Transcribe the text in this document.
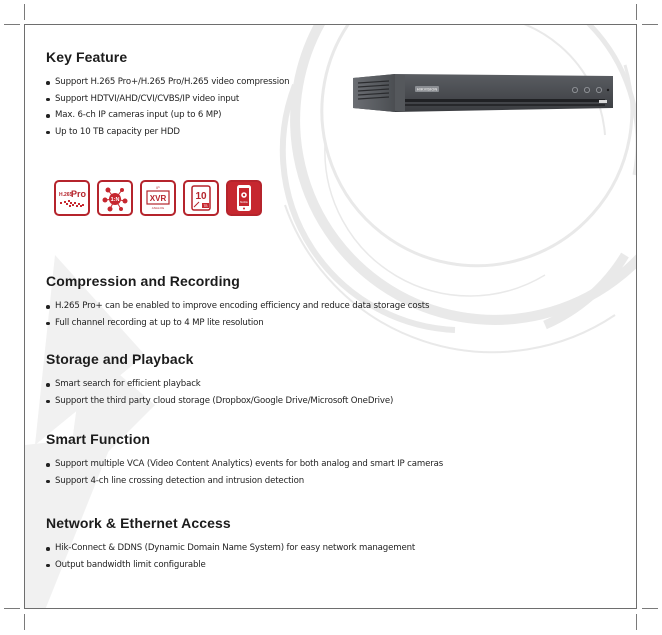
Key Feature
Support H.265 Pro+/H.265 Pro/H.265 video compression
Support HDTVI/AHD/CVI/CVBS/IP video input
Max. 6-ch IP cameras input (up to 6 MP)
Up to 10 TB capacity per HDD
HIKVISION
H.265
Pro
1:N
IP
XVR
ANALOG
10
TB
Mobile
Compression and Recording
H.265 Pro+ can be enabled to improve encoding efficiency and reduce data storage costs
Full channel recording at up to 4 MP lite resolution
Storage and Playback
Smart search for efficient playback
Support the third party cloud storage (Dropbox/Google Drive/Microsoft OneDrive)
Smart Function
Support multiple VCA (Video Content Analytics) events for both analog and smart IP cameras
Support 4-ch line crossing detection and intrusion detection
Network & Ethernet Access
Hik-Connect & DDNS (Dynamic Domain Name System) for easy network management
Output bandwidth limit configurable
